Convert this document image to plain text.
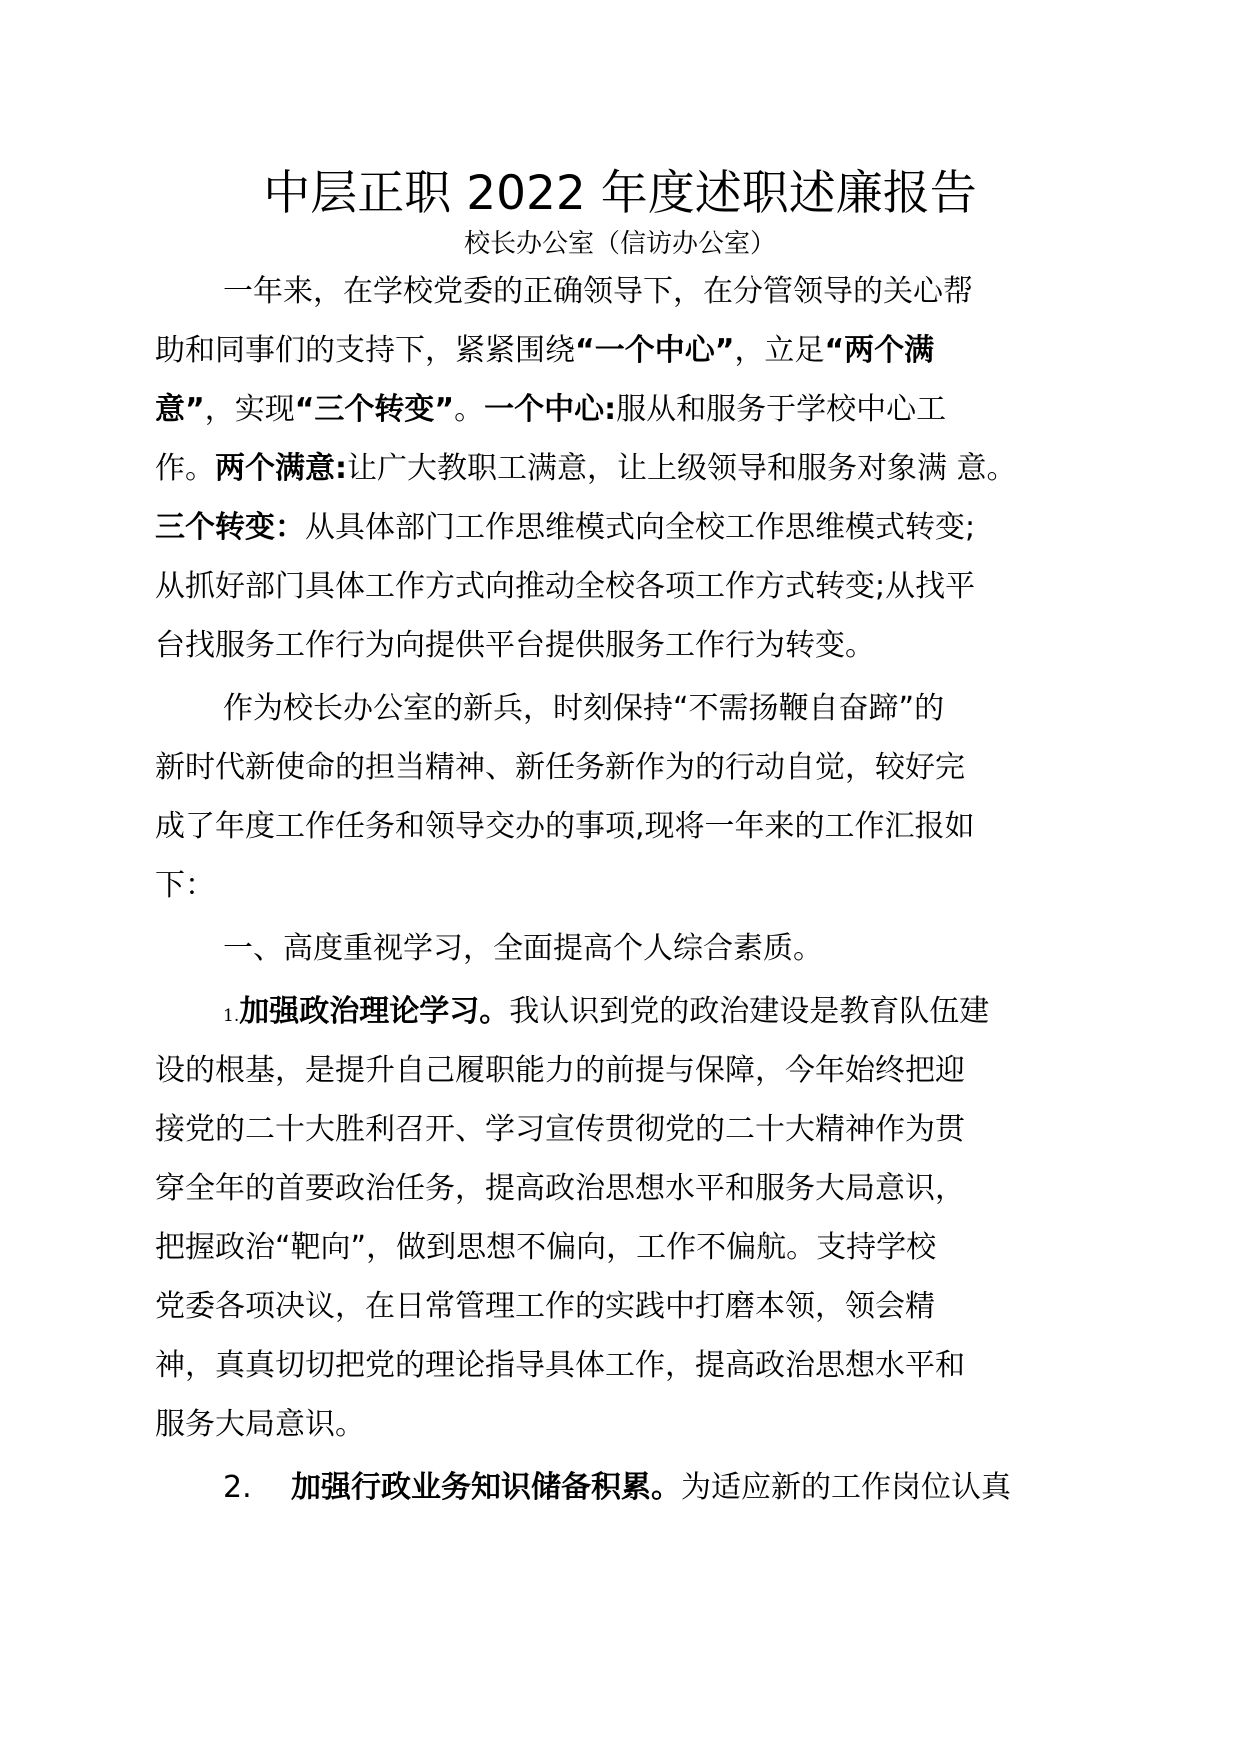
中层正职 2022 年度述职述廉报告
校长办公室（信访办公室）
一年来，在学校党委的正确领导下，在分管领导的关心帮
助和同事们的支持下，紧紧围绕“一个中心”，立足“两个满
意”，实现“三个转变”。一个中心:服从和服务于学校中心工
作。两个满意:让广大教职工满意，让上级领导和服务对象满 意。
三个转变：从具体部门工作思维模式向全校工作思维模式转变;
从抓好部门具体工作方式向推动全校各项工作方式转变;从找平
台找服务工作行为向提供平台提供服务工作行为转变。
作为校长办公室的新兵，时刻保持“不需扬鞭自奋蹄”的
新时代新使命的担当精神、新任务新作为的行动自觉，较好完
成了年度工作任务和领导交办的事项,现将一年来的工作汇报如
下：
一、高度重视学习，全面提高个人综合素质。
1.加强政治理论学习。我认识到党的政治建设是教育队伍建
设的根基，是提升自己履职能力的前提与保障，今年始终把迎
接党的二十大胜利召开、学习宣传贯彻党的二十大精神作为贯
穿全年的首要政治任务，提高政治思想水平和服务大局意识，
把握政治“靶向”，做到思想不偏向，工作不偏航。支持学校
党委各项决议，在日常管理工作的实践中打磨本领，领会精
神，真真切切把党的理论指导具体工作，提高政治思想水平和
服务大局意识。
2. 加强行政业务知识储备积累。为适应新的工作岗位认真
